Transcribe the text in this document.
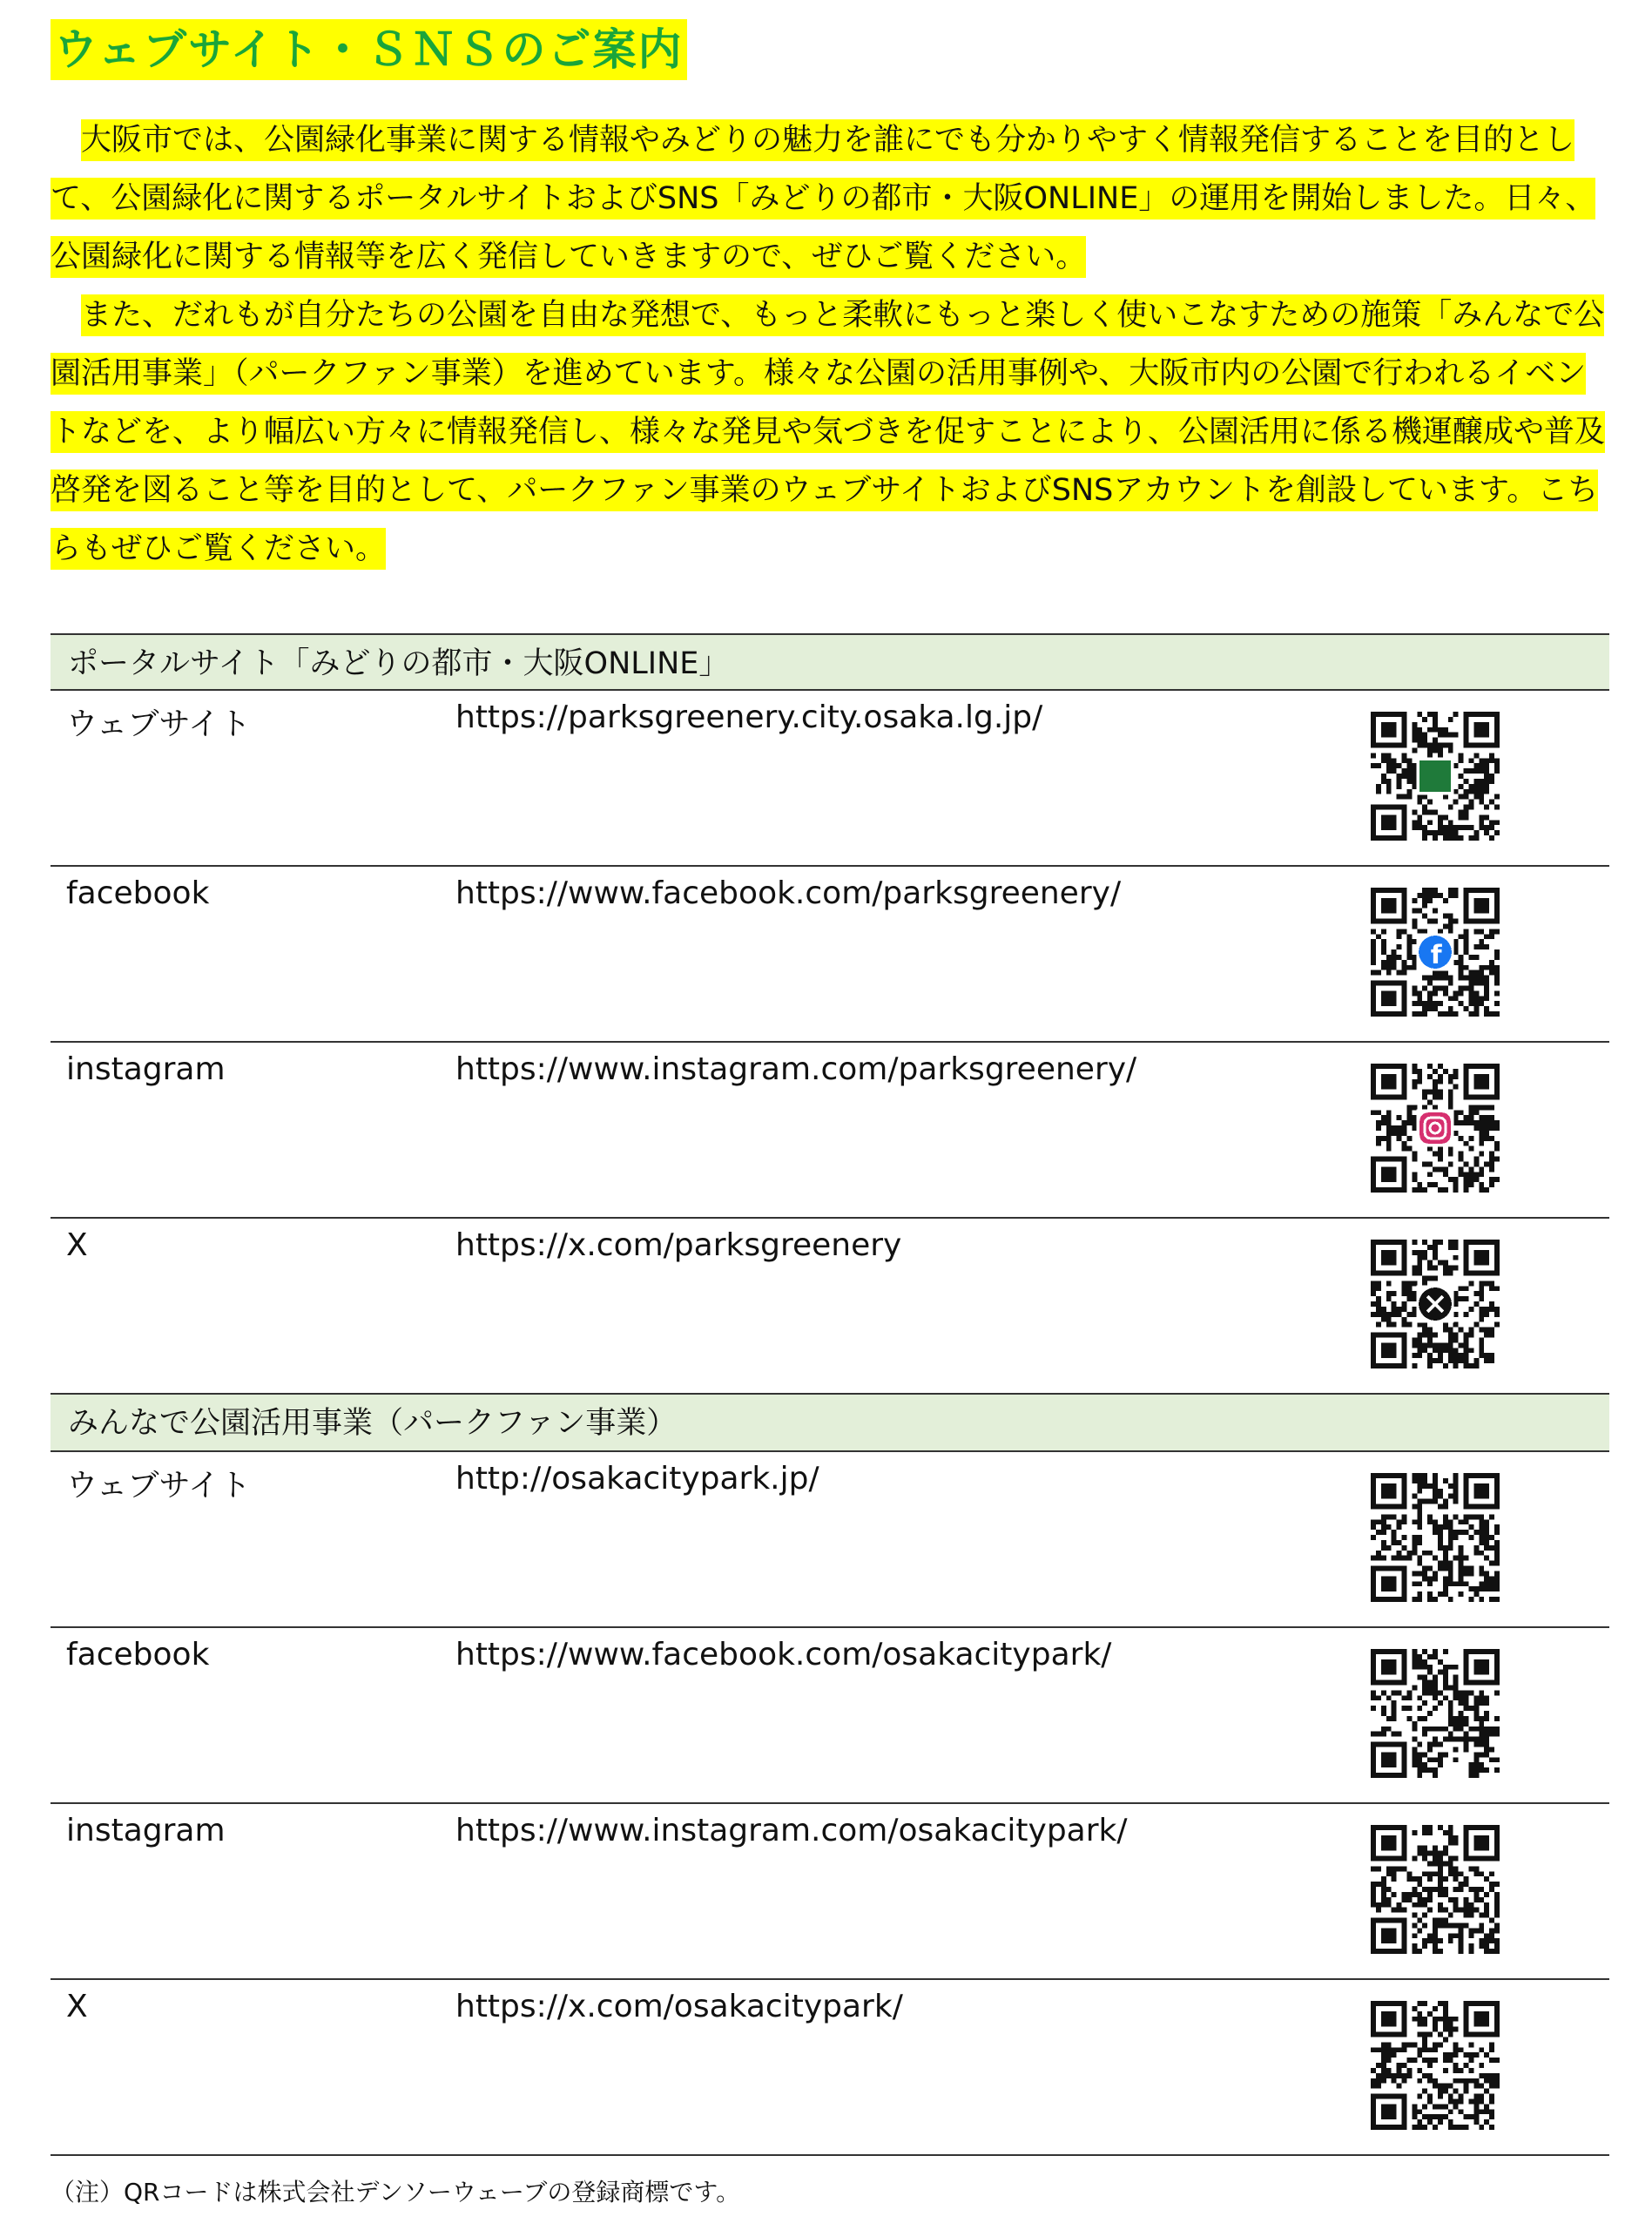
ウェブサイト・ＳＮＳのご案内

大阪市では、公園緑化事業に関する情報やみどりの魅力を誰にでも分かりやすく情報発信することを目的として、公園緑化に関するポータルサイトおよびSNS「みどりの都市・大阪ONLINE」の運用を開始しました。日々、公園緑化に関する情報等を広く発信していきますので、ぜひご覧ください。

また、だれもが自分たちの公園を自由な発想で、もっと柔軟にもっと楽しく使いこなすための施策「みんなで公園活用事業」（パークファン事業）を進めています。様々な公園の活用事例や、大阪市内の公園で行われるイベントなどを、より幅広い方々に情報発信し、様々な発見や気づきを促すことにより、公園活用に係る機運醸成や普及啓発を図ること等を目的として、パークファン事業のウェブサイトおよびSNSアカウントを創設しています。こちらもぜひご覧ください。

ポータルサイト「みどりの都市・大阪ONLINE」
ウェブサイト	https://parksgreenery.city.osaka.lg.jp/
facebook	https://www.facebook.com/parksgreenery/
f
instagram	https://www.instagram.com/parksgreenery/
X	https://x.com/parksgreenery
みんなで公園活用事業（パークファン事業）
ウェブサイト	http://osakacitypark.jp/
facebook	https://www.facebook.com/osakacitypark/
instagram	https://www.instagram.com/osakacitypark/
X	https://x.com/osakacitypark/
（注）QRコードは株式会社デンソーウェーブの登録商標です。
